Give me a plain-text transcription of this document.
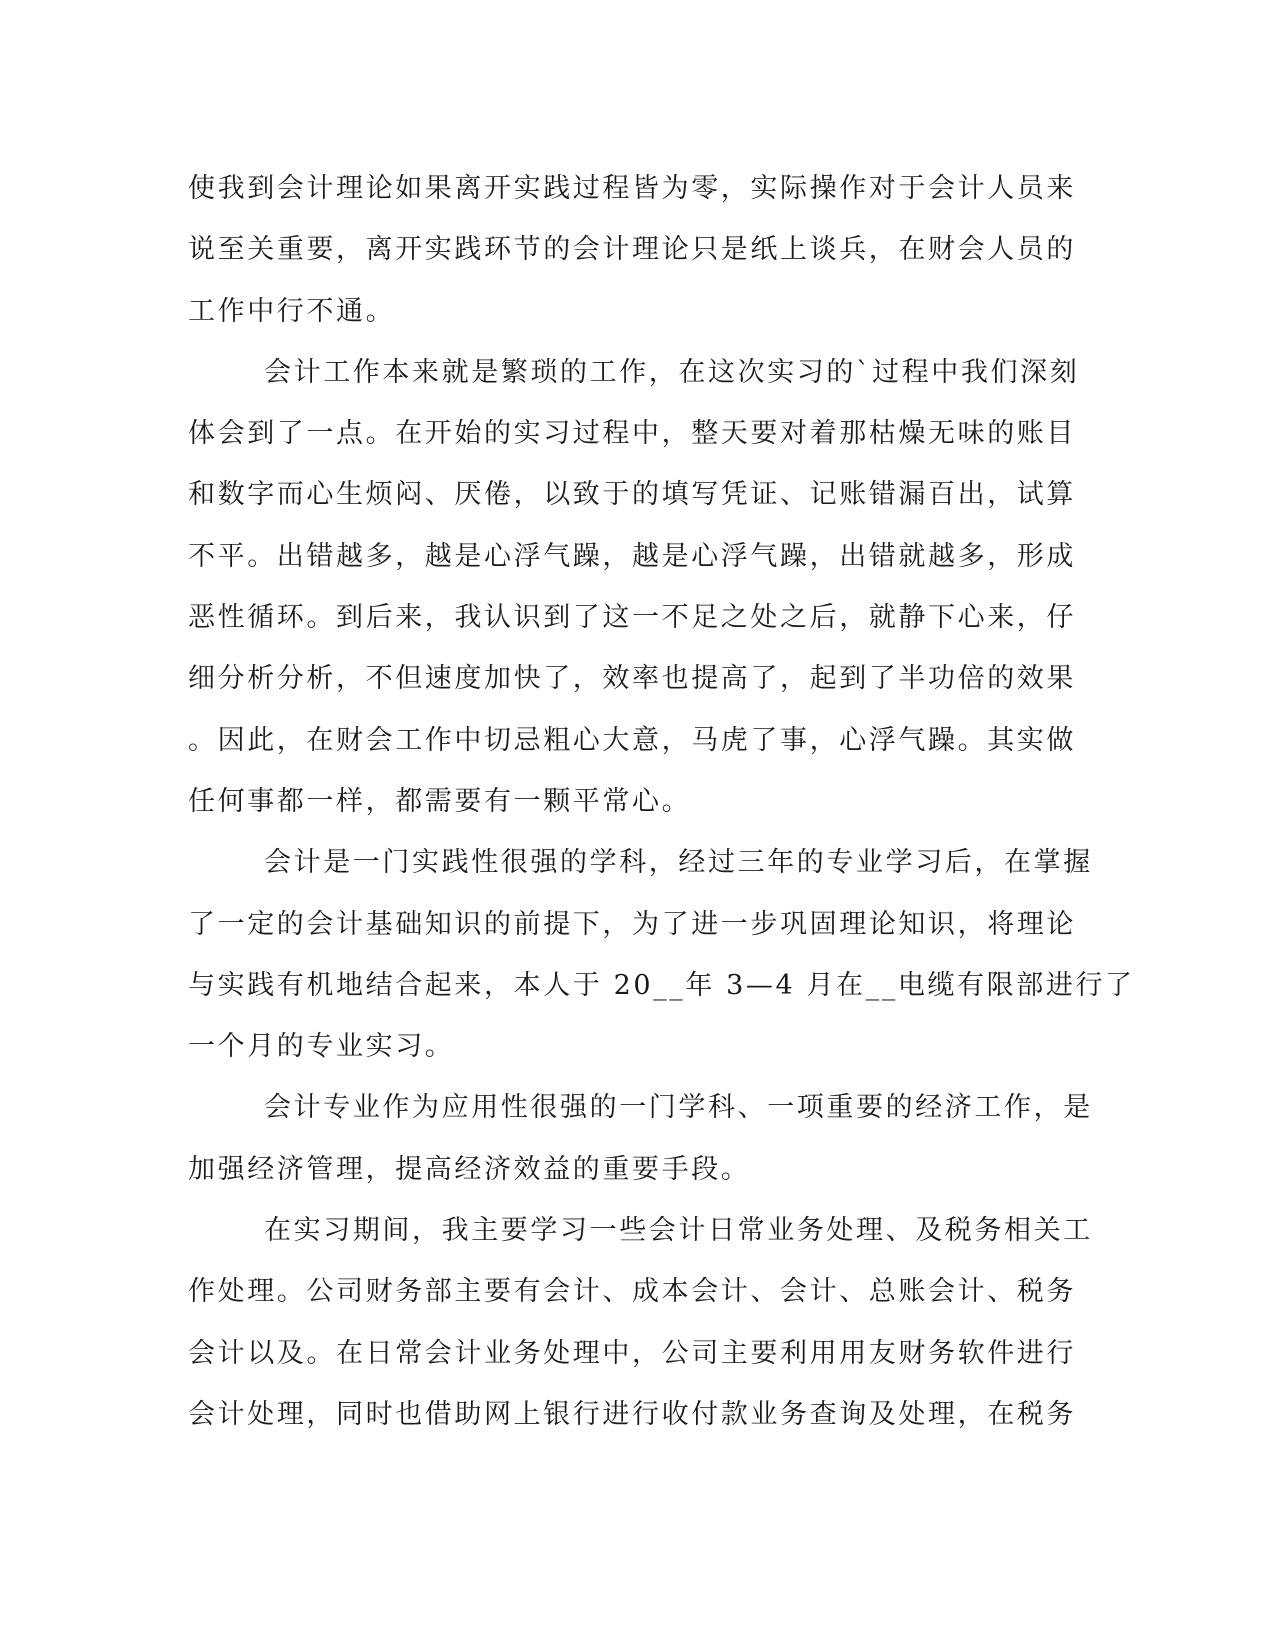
使我到会计理论如果离开实践过程皆为零，实际操作对于会计人员来
说至关重要，离开实践环节的会计理论只是纸上谈兵，在财会人员的
工作中行不通。
会计工作本来就是繁琐的工作，在这次实习的`过程中我们深刻
体会到了一点。在开始的实习过程中，整天要对着那枯燥无味的账目
和数字而心生烦闷、厌倦，以致于的填写凭证、记账错漏百出，试算
不平。出错越多，越是心浮气躁，越是心浮气躁，出错就越多，形成
恶性循环。到后来，我认识到了这一不足之处之后，就静下心来，仔
细分析分析，不但速度加快了，效率也提高了，起到了半功倍的效果
。因此，在财会工作中切忌粗心大意，马虎了事，心浮气躁。其实做
任何事都一样，都需要有一颗平常心。
会计是一门实践性很强的学科，经过三年的专业学习后，在掌握
了一定的会计基础知识的前提下，为了进一步巩固理论知识，将理论
与实践有机地结合起来，本人于 20__年 3—4 月在__电缆有限部进行了
一个月的专业实习。
会计专业作为应用性很强的一门学科、一项重要的经济工作，是
加强经济管理，提高经济效益的重要手段。
在实习期间，我主要学习一些会计日常业务处理、及税务相关工
作处理。公司财务部主要有会计、成本会计、会计、总账会计、税务
会计以及。在日常会计业务处理中，公司主要利用用友财务软件进行
会计处理，同时也借助网上银行进行收付款业务查询及处理，在税务
